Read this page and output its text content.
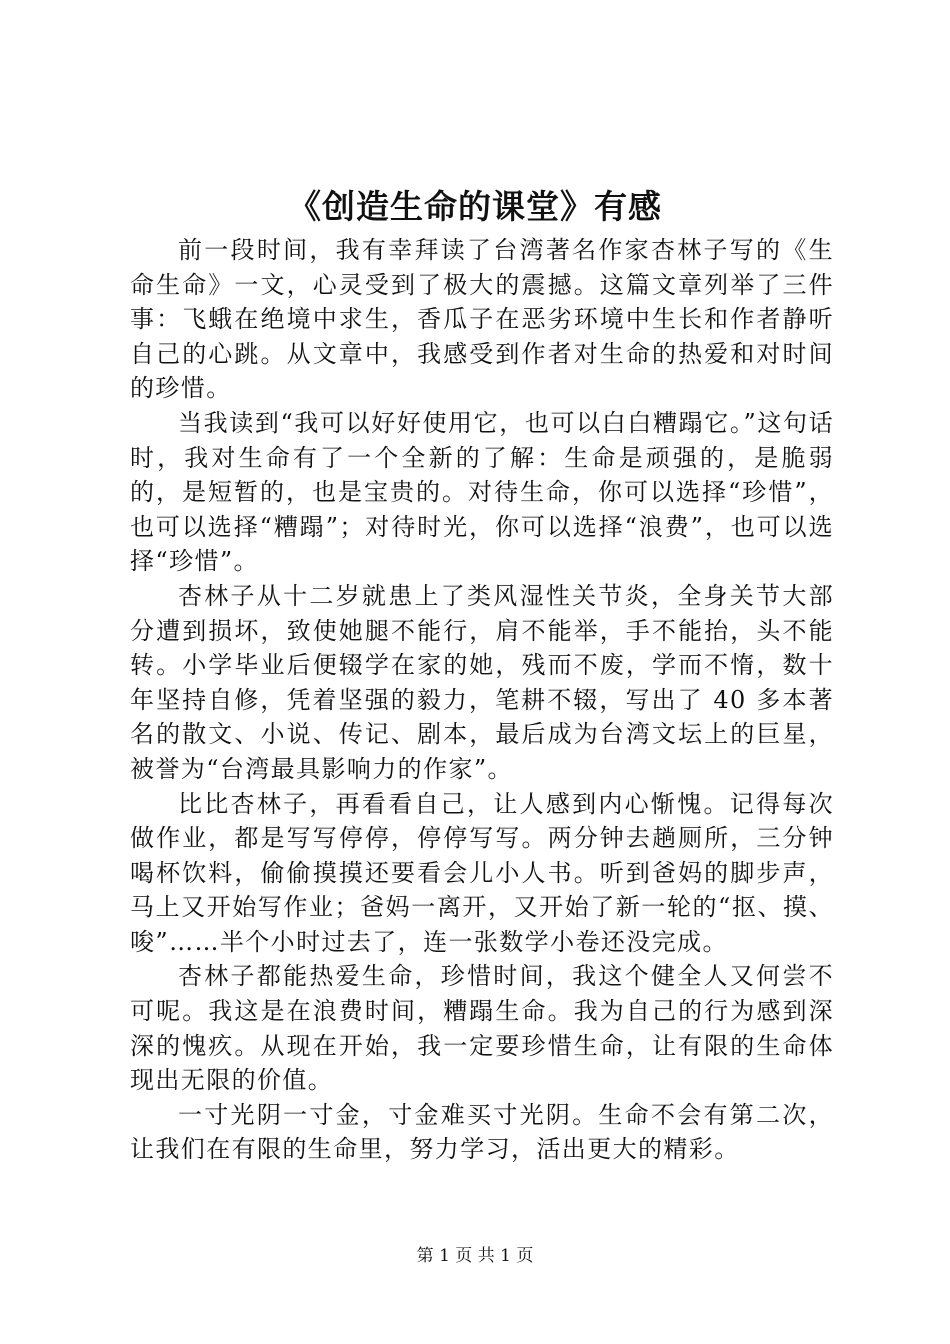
《创造生命的课堂》有感

前一段时间，我有幸拜读了台湾著名作家杏林子写的《生命生命》一文，心灵受到了极大的震撼。这篇文章列举了三件事：飞蛾在绝境中求生，香瓜子在恶劣环境中生长和作者静听自己的心跳。从文章中，我感受到作者对生命的热爱和对时间的珍惜。

当我读到“我可以好好使用它，也可以白白糟蹋它。”这句话时，我对生命有了一个全新的了解：生命是顽强的，是脆弱的，是短暂的，也是宝贵的。对待生命，你可以选择“珍惜”，也可以选择“糟蹋”；对待时光，你可以选择“浪费”，也可以选择“珍惜”。

杏林子从十二岁就患上了类风湿性关节炎，全身关节大部分遭到损坏，致使她腿不能行，肩不能举，手不能抬，头不能转。小学毕业后便辍学在家的她，残而不废，学而不惰，数十年坚持自修，凭着坚强的毅力，笔耕不辍，写出了 40 多本著名的散文、小说、传记、剧本，最后成为台湾文坛上的巨星，被誉为“台湾最具影响力的作家”。

比比杏林子，再看看自己，让人感到内心惭愧。记得每次做作业，都是写写停停，停停写写。两分钟去趟厕所，三分钟喝杯饮料，偷偷摸摸还要看会儿小人书。听到爸妈的脚步声，马上又开始写作业；爸妈一离开，又开始了新一轮的“抠、摸、唆”……半个小时过去了，连一张数学小卷还没完成。

杏林子都能热爱生命，珍惜时间，我这个健全人又何尝不可呢。我这是在浪费时间，糟蹋生命。我为自己的行为感到深深的愧疚。从现在开始，我一定要珍惜生命，让有限的生命体现出无限的价值。

一寸光阴一寸金，寸金难买寸光阴。生命不会有第二次，让我们在有限的生命里，努力学习，活出更大的精彩。

第 1 页 共 1 页
